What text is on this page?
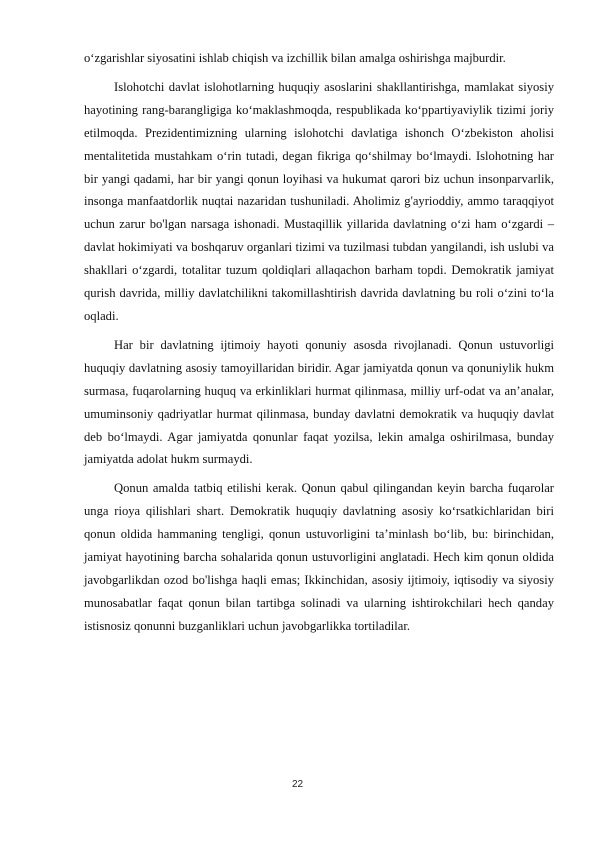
o‘zgarishlar siyosatini ishlab chiqish va izchillik bilan amalga oshirishga majburdir.

Islohotchi davlat islohotlarning huquqiy asoslarini shakllantirishga, mamlakat siyosiy hayotining rang-barangligiga ko‘maklashmoqda, respublikada ko‘ppartiyaviylik tizimi joriy etilmoqda. Prezidentimizning ularning islohotchi davlatiga ishonch O‘zbekiston aholisi mentalitetida mustahkam o‘rin tutadi, degan fikriga qo‘shilmay bo‘lmaydi. Islohotning har bir yangi qadami, har bir yangi qonun loyihasi va hukumat qarori biz uchun insonparvarlik, insonga manfaatdorlik nuqtai nazaridan tushuniladi. Aholimiz g'ayrioddiy, ammo taraqqiyot uchun zarur bo'lgan narsaga ishonadi. Mustaqillik yillarida davlatning o‘zi ham o‘zgardi – davlat hokimiyati va boshqaruv organlari tizimi va tuzilmasi tubdan yangilandi, ish uslubi va shakllari o‘zgardi, totalitar tuzum qoldiqlari allaqachon barham topdi. Demokratik jamiyat qurish davrida, milliy davlatchilikni takomillashtirish davrida davlatning bu roli o‘zini to‘la oqladi.

Har bir davlatning ijtimoiy hayoti qonuniy asosda rivojlanadi. Qonun ustuvorligi huquqiy davlatning asosiy tamoyillaridan biridir. Agar jamiyatda qonun va qonuniylik hukm surmasa, fuqarolarning huquq va erkinliklari hurmat qilinmasa, milliy urf-odat va an’analar, umuminsoniy qadriyatlar hurmat qilinmasa, bunday davlatni demokratik va huquqiy davlat deb bo‘lmaydi. Agar jamiyatda qonunlar faqat yozilsa, lekin amalga oshirilmasa, bunday jamiyatda adolat hukm surmaydi.

Qonun amalda tatbiq etilishi kerak. Qonun qabul qilingandan keyin barcha fuqarolar unga rioya qilishlari shart. Demokratik huquqiy davlatning asosiy ko‘rsatkichlaridan biri qonun oldida hammaning tengligi, qonun ustuvorligini ta’minlash bo‘lib, bu: birinchidan, jamiyat hayotining barcha sohalarida qonun ustuvorligini anglatadi. Hech kim qonun oldida javobgarlikdan ozod bo'lishga haqli emas; Ikkinchidan, asosiy ijtimoiy, iqtisodiy va siyosiy munosabatlar faqat qonun bilan tartibga solinadi va ularning ishtirokchilari hech qanday istisnosiz qonunni buzganliklari uchun javobgarlikka tortiladilar.

22
